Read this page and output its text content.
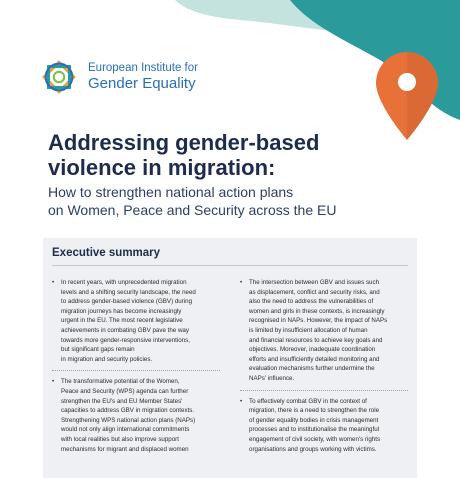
European Institute for
Gender Equality
Addressing gender-based
violence in migration:

How to strengthen national action plans
on Women, Peace and Security across the EU

Executive summary
• In recent years, with unprecedented migration
levels and a shifting security landscape, the need
to address gender-based violence (GBV) during
migration journeys has become increasingly
urgent in the EU. The most recent legislative
achievements in combating GBV pave the way
towards more gender-responsive interventions,
but significant gaps remain
in migration and security policies.

• The transformative potential of the Women,
Peace and Security (WPS) agenda can further
strengthen the EU's and EU Member States'
capacities to address GBV in migration contexts.
Strengthening WPS national action plans (NAPs)
would not only align international commitments
with local realities but also improve support
mechanisms for migrant and displaced women

• The intersection between GBV and issues such
as displacement, conflict and security risks, and
also the need to address the vulnerabilities of
women and girls in these contexts, is increasingly
recognised in NAPs. However, the impact of NAPs
is limited by insufficient allocation of human
and financial resources to achieve key goals and
objectives. Moreover, inadequate coordination
efforts and insufficiently detailed monitoring and
evaluation mechanisms further undermine the
NAPs' influence.

• To effectively combat GBV in the context of
migration, there is a need to strengthen the role
of gender equality bodies in crisis management
processes and to institutionalise the meaningful
engagement of civil society, with women's rights
organisations and groups working with victims.
